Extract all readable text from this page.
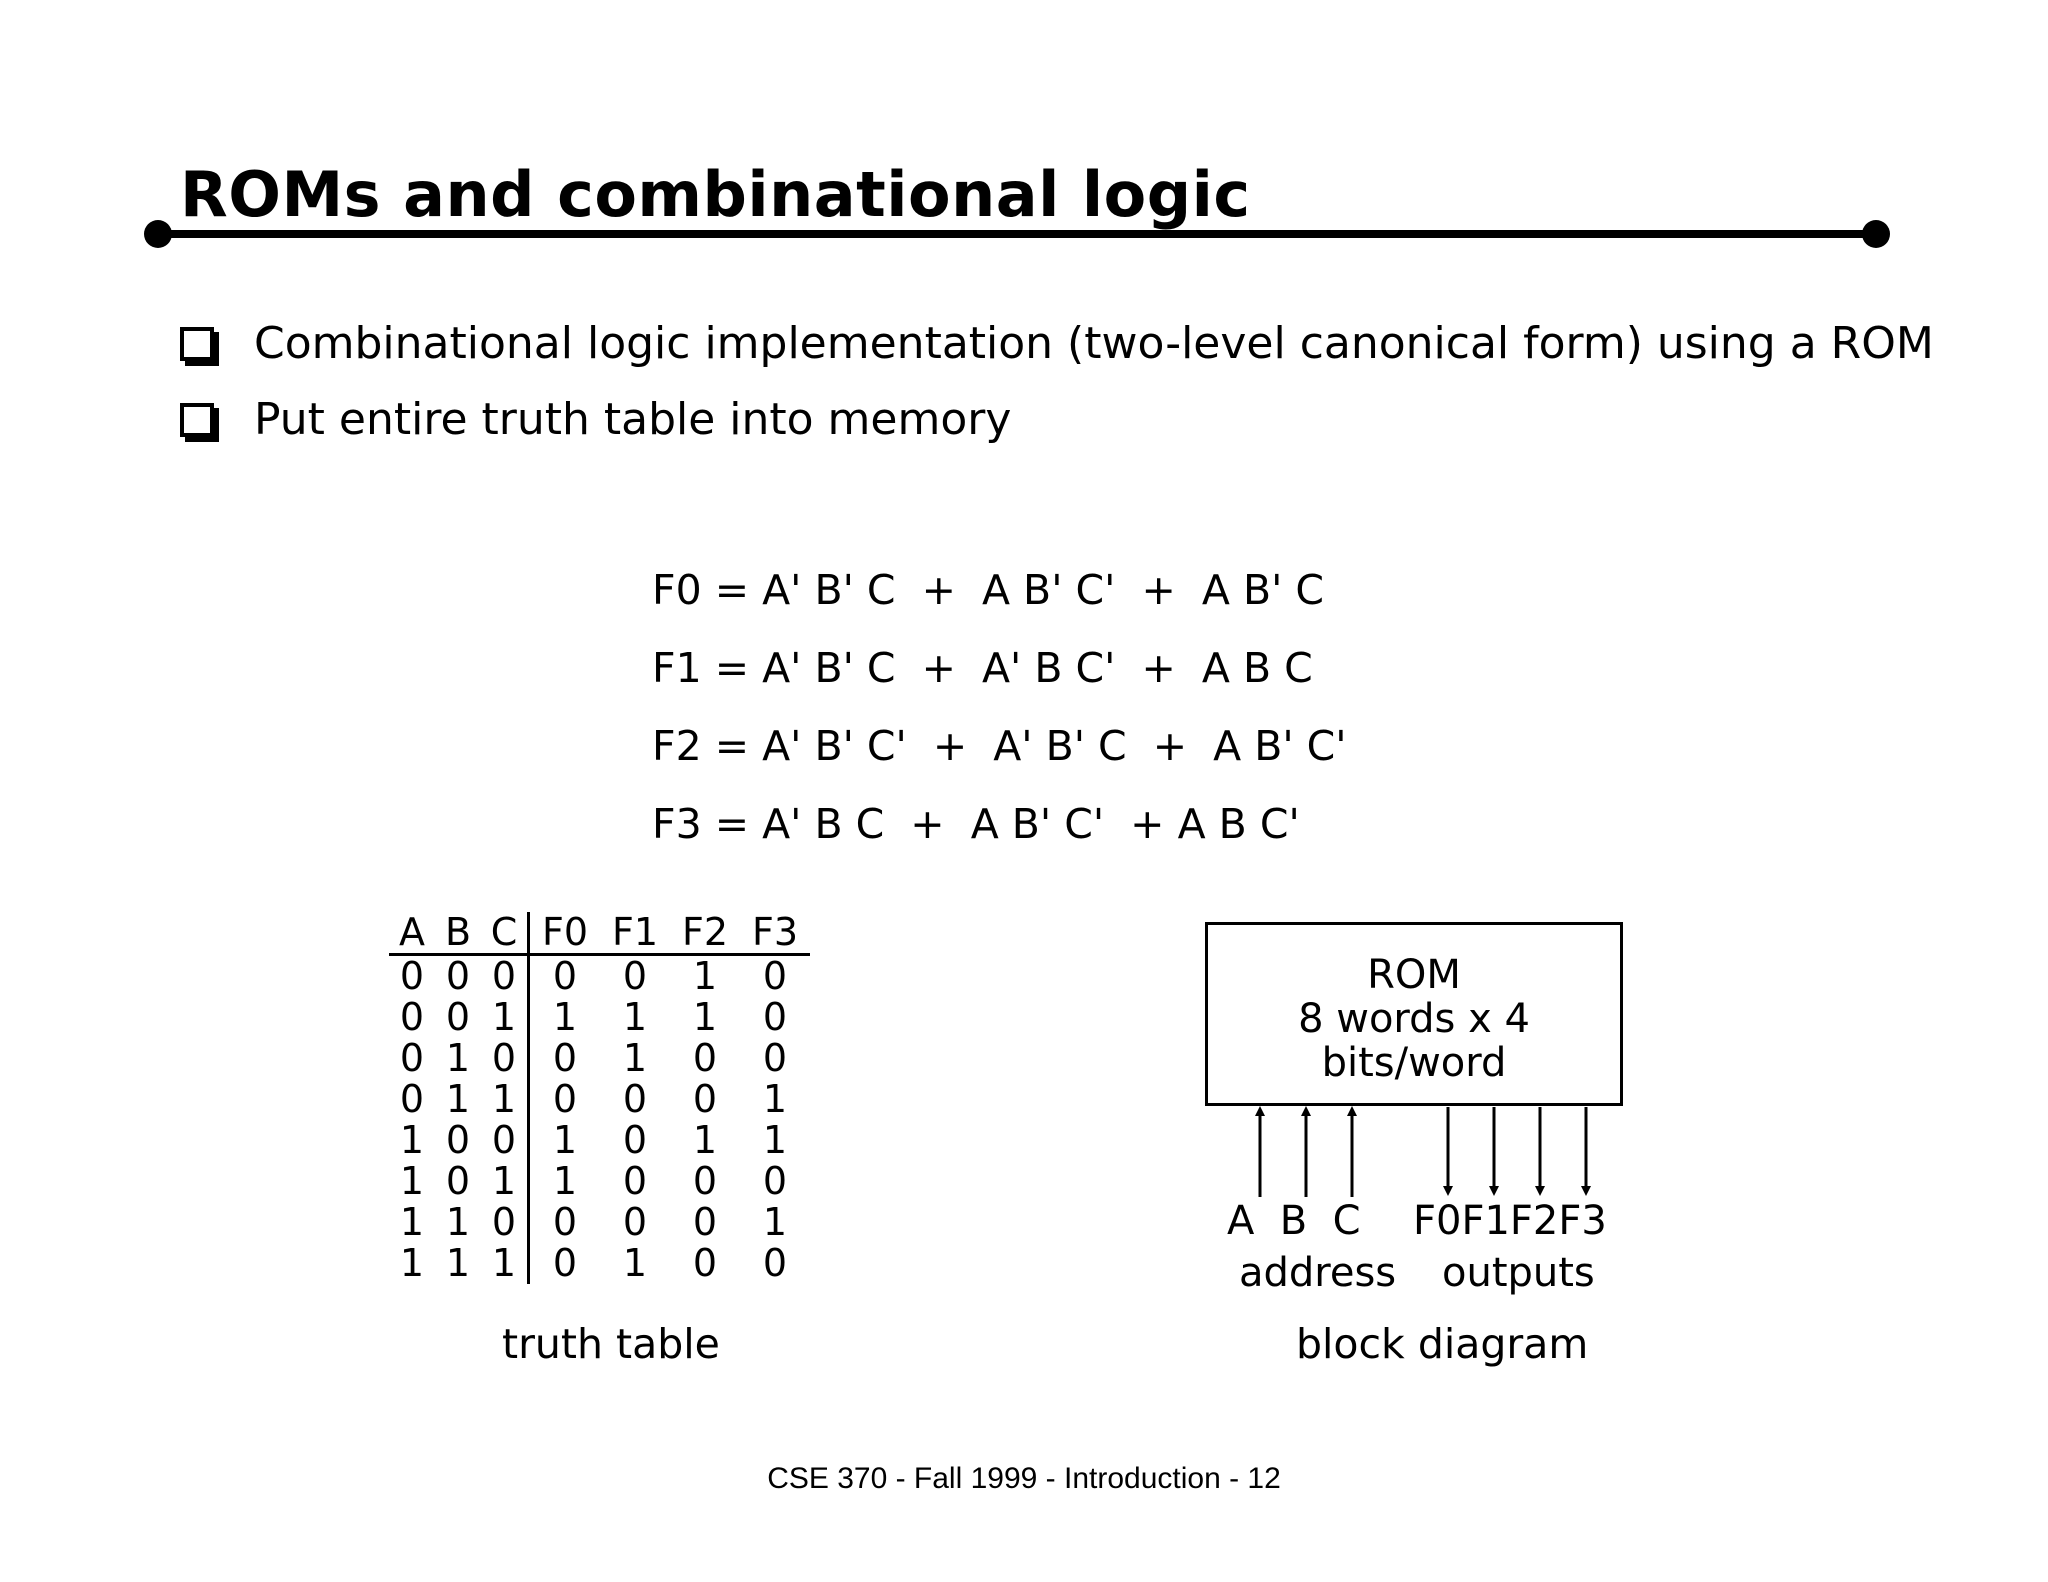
ROMs and combinational logic
Combinational logic implementation (two-level canonical form) using a ROM
Put entire truth table into memory
F0 = A' B' C  +  A B' C'  +  A B' C
F1 = A' B' C  +  A' B C'  +  A B C
F2 = A' B' C'  +  A' B' C  +  A B' C'
F3 = A' B C  +  A B' C'  + A B C'
A	B	C	F0	F1	F2	F3
0	0	0	0	0	1	0
0	0	1	1	1	1	0
0	1	0	0	1	0	0
0	1	1	0	0	0	1
1	0	0	1	0	1	1
1	0	1	1	0	0	0
1	1	0	0	0	0	1
1	1	1	0	1	0	0
truth table
ROM
8 words x 4 bits/word
A  B  C F0F1F2F3
address outputs
block diagram
CSE 370 - Fall 1999 - Introduction - 12
